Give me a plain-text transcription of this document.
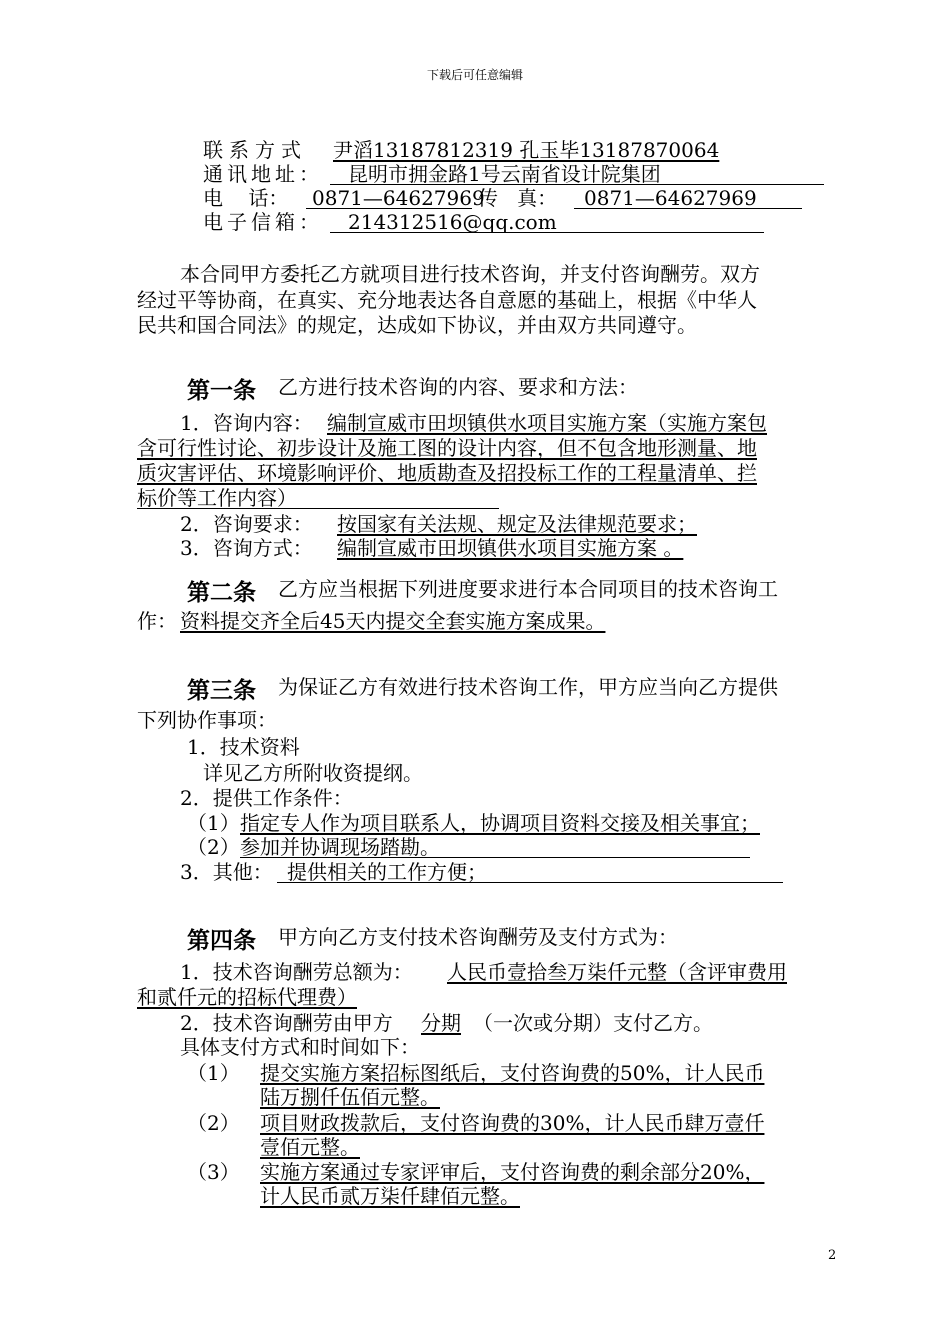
下载后可任意编辑
联系方式 尹滔13187812319 孔玉毕13187870064
通讯地址：	昆明市拥金路1号云南省设计院集团
电    话：	0871—64627969
传   真：	0871—64627969
电子信箱：	214312516@qq.com
本合同甲方委托乙方就项目进行技术咨询，并支付咨询酬劳。双方
经过平等协商，在真实、充分地表达各自意愿的基础上，根据《中华人
民共和国合同法》的规定，达成如下协议，并由双方共同遵守。
第一条 乙方进行技术咨询的内容、要求和方法：
1．咨询内容： 编制宣威市田坝镇供水项目实施方案（实施方案包
含可行性讨论、初步设计及施工图的设计内容，但不包含地形测量、地
质灾害评估、环境影响评价、地质勘查及招投标工作的工程量清单、拦
标价等工作内容）
2．咨询要求：	按国家有关法规、规定及法律规范要求；
3．咨询方式：	编制宣威市田坝镇供水项目实施方案 。
第二条 乙方应当根据下列进度要求进行本合同项目的技术咨询工
作： 资料提交齐全后45天内提交全套实施方案成果。
第三条 为保证乙方有效进行技术咨询工作，甲方应当向乙方提供
下列协作事项：
1．技术资料
详见乙方所附收资提纲。
2．提供工作条件：
（1） 指定专人作为项目联系人，协调项目资料交接及相关事宜；
（2） 参加并协调现场踏勘。
3．其他： 提供相关的工作方便；
第四条 甲方向乙方支付技术咨询酬劳及支付方式为：
1．技术咨询酬劳总额为： 人民币壹拾叁万柒仟元整（含评审费用
和贰仟元的招标代理费）
2．技术咨询酬劳由甲方	分期 （一次或分期）支付乙方。
具体支付方式和时间如下：
（1） 提交实施方案招标图纸后，支付咨询费的50%，计人民币
陆万捌仟伍佰元整。
（2） 项目财政拨款后，支付咨询费的30%，计人民币肆万壹仟
壹佰元整。
（3） 实施方案通过专家评审后，支付咨询费的剩余部分20%，
计人民币贰万柒仟肆佰元整。
2
